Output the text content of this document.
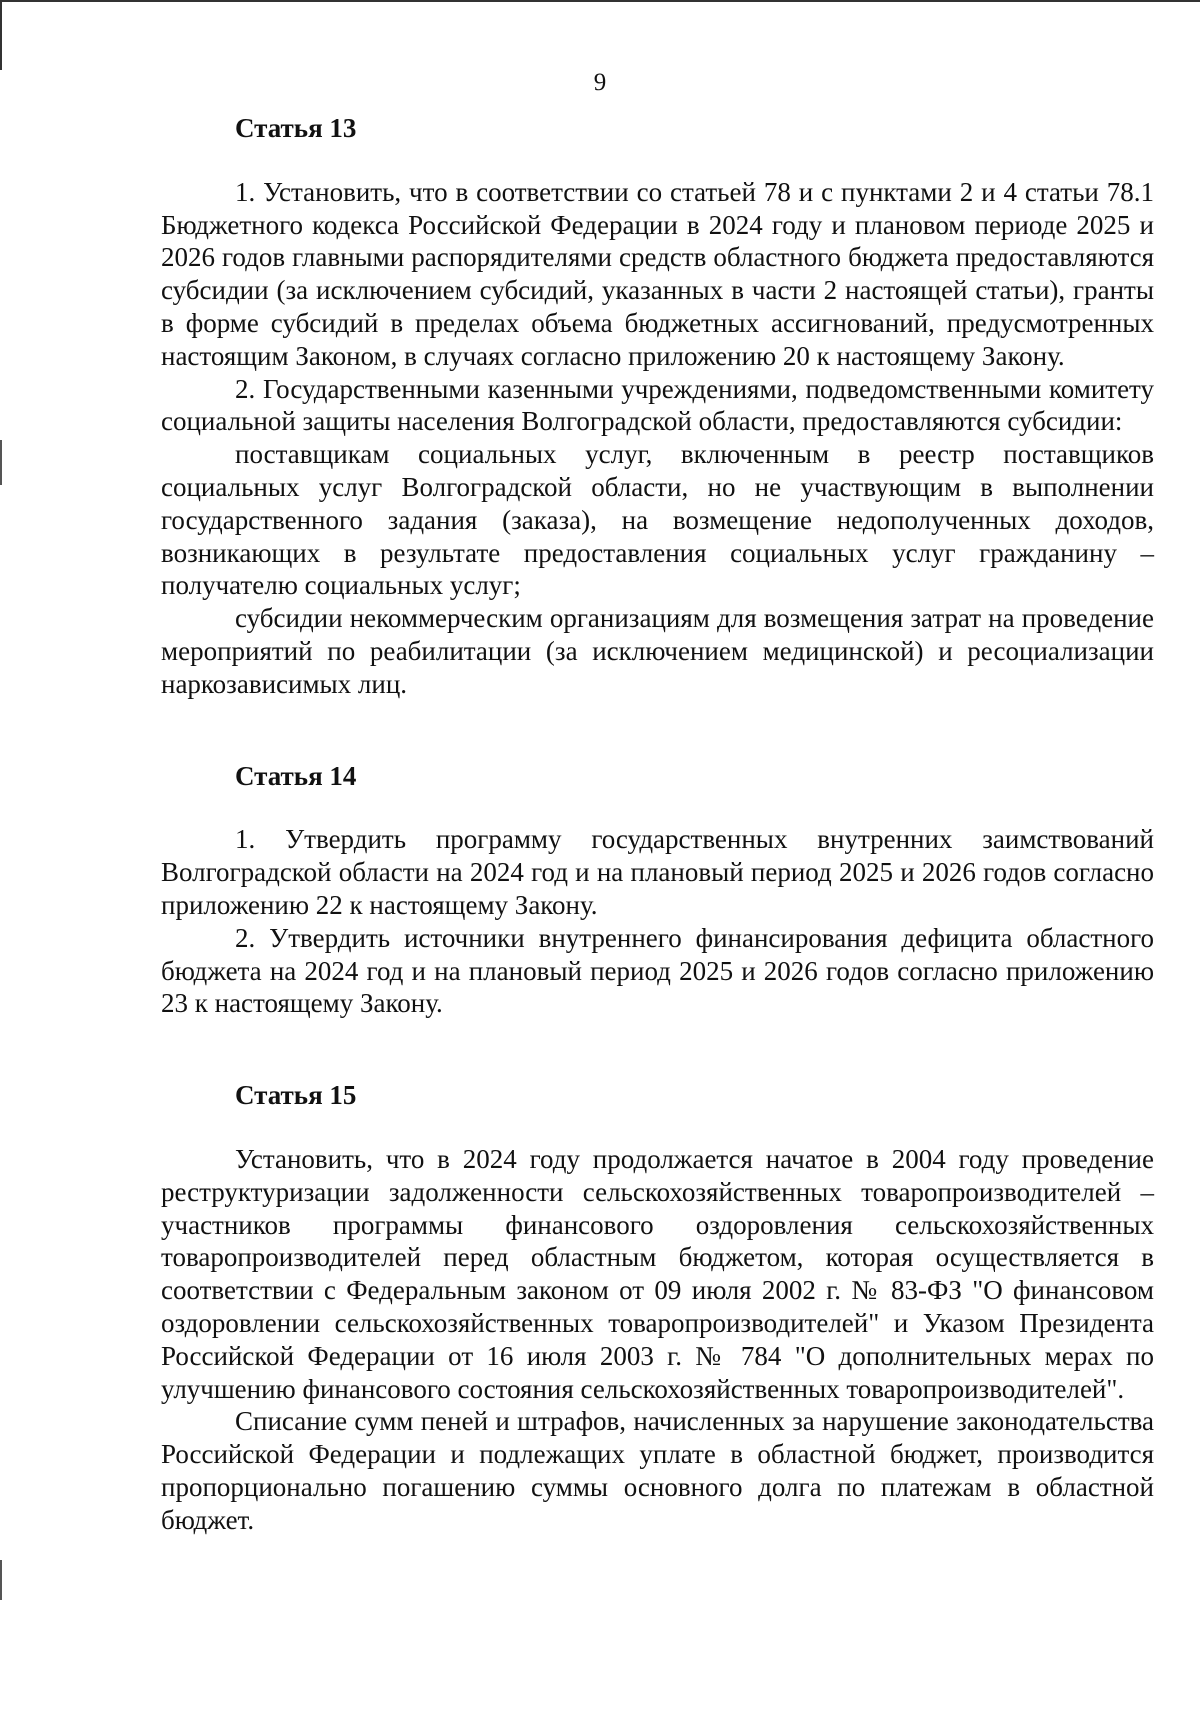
9
Статья 13

1. Установить, что в соответствии со статьей 78 и с пунктами 2 и 4 статьи 78.1 Бюджетного кодекса Российской Федерации в 2024 году и плановом периоде 2025 и 2026 годов главными распорядителями средств областного бюджета предоставляются субсидии (за исключением субсидий, указанных в части 2 настоящей статьи), гранты в форме субсидий в пределах объема бюджетных ассигнований, предусмотренных настоящим Законом, в случаях согласно приложению 20 к настоящему Закону.

2. Государственными казенными учреждениями, подведомственными комитету социальной защиты населения Волгоградской области, предоставляются субсидии:

поставщикам социальных услуг, включенным в реестр поставщиков социальных услуг Волгоградской области, но не участвующим в выполнении государственного задания (заказа), на возмещение недополученных доходов, возникающих в результате предоставления социальных услуг гражданину – получателю социальных услуг;

субсидии некоммерческим организациям для возмещения затрат на проведение мероприятий по реабилитации (за исключением медицинской) и ресоциализации наркозависимых лиц.

Статья 14

1. Утвердить программу государственных внутренних заимствований Волгоградской области на 2024 год и на плановый период 2025 и 2026 годов согласно приложению 22 к настоящему Закону.

2. Утвердить источники внутреннего финансирования дефицита областного бюджета на 2024 год и на плановый период 2025 и 2026 годов согласно приложению 23 к настоящему Закону.

Статья 15

Установить, что в 2024 году продолжается начатое в 2004 году проведение реструктуризации задолженности сельскохозяйственных товаропроизводителей – участников программы финансового оздоровления сельскохозяйственных товаропроизводителей перед областным бюджетом, которая осуществляется в соответствии с Федеральным законом от 09 июля 2002 г. № 83-ФЗ "О финансовом оздоровлении сельскохозяйственных товаропроизводителей" и Указом Президента Российской Федерации от 16 июля 2003 г. № 784 "О дополнительных мерах по улучшению финансового состояния сельскохозяйственных товаропроизводителей".

Списание сумм пеней и штрафов, начисленных за нарушение законодательства Российской Федерации и подлежащих уплате в областной бюджет, производится пропорционально погашению суммы основного долга по платежам в областной бюджет.
